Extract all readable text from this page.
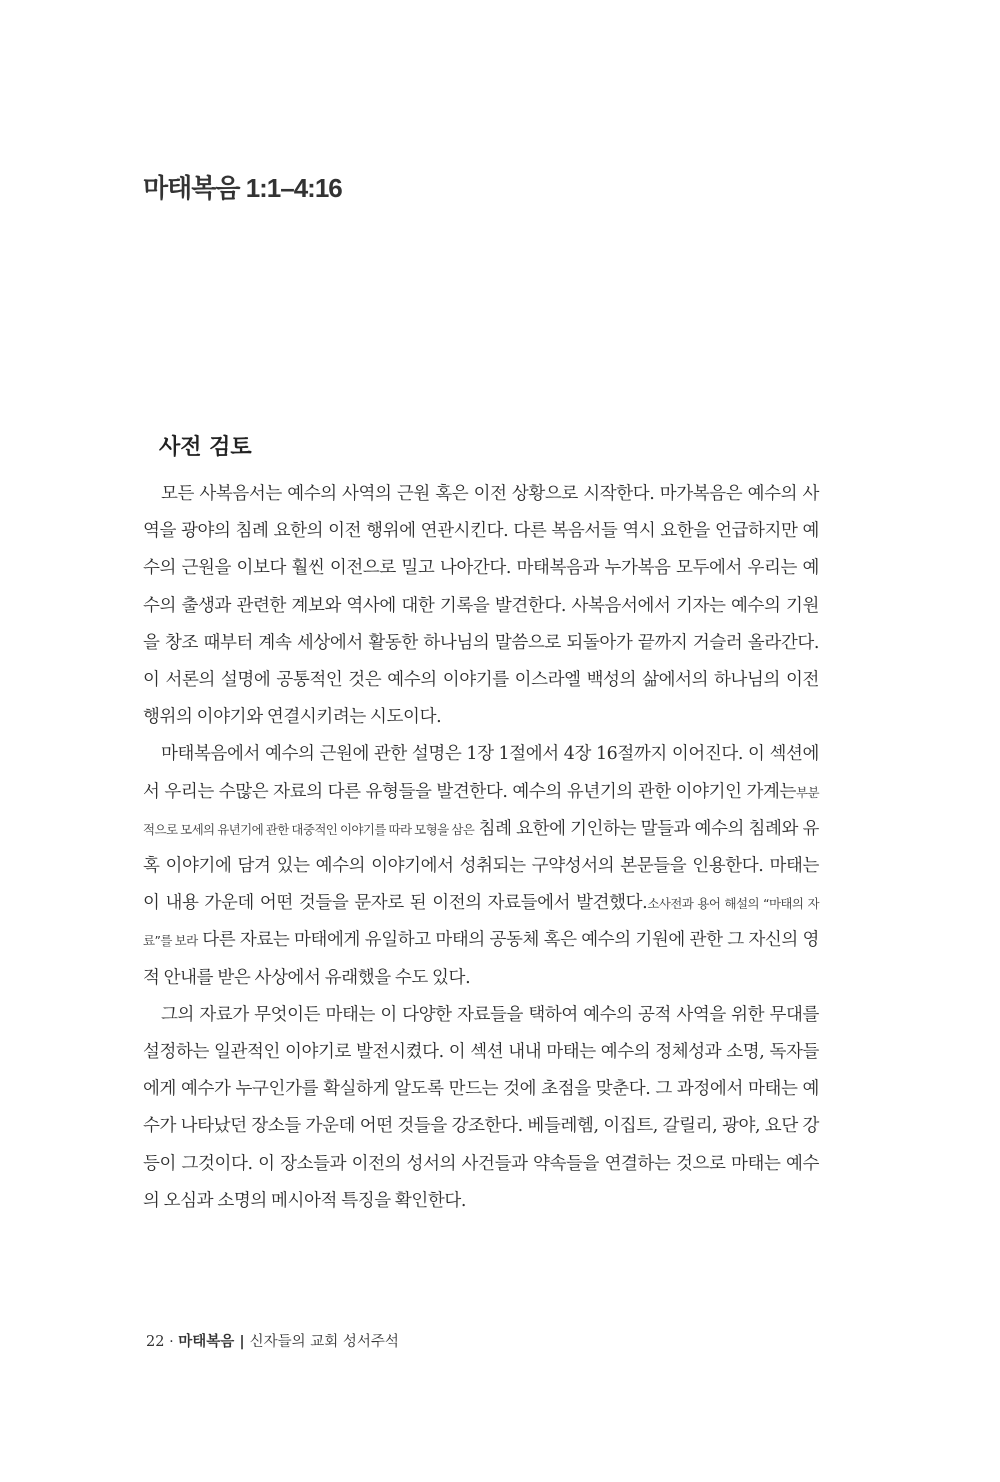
마태복음 1:1–4:16
사전 검토

모든 사복음서는 예수의 사역의 근원 혹은 이전 상황으로 시작한다. 마가복음은 예수의 사역을 광야의 침례 요한의 이전 행위에 연관시킨다. 다른 복음서들 역시 요한을 언급하지만 예수의 근원을 이보다 훨씬 이전으로 밀고 나아간다. 마태복음과 누가복음 모두에서 우리는 예수의 출생과 관련한 계보와 역사에 대한 기록을 발견한다. 사복음서에서 기자는 예수의 기원을 창조 때부터 계속 세상에서 활동한 하나님의 말씀으로 되돌아가 끝까지 거슬러 올라간다. 이 서론의 설명에 공통적인 것은 예수의 이야기를 이스라엘 백성의 삶에서의 하나님의 이전 행위의 이야기와 연결시키려는 시도이다.

마태복음에서 예수의 근원에 관한 설명은 1장 1절에서 4장 16절까지 이어진다. 이 섹션에서 우리는 수많은 자료의 다른 유형들을 발견한다. 예수의 유년기의 관한 이야기인 가계는부분적으로 모세의 유년기에 관한 대중적인 이야기를 따라 모형을 삼은 침례 요한에 기인하는 말들과 예수의 침례와 유혹 이야기에 담겨 있는 예수의 이야기에서 성취되는 구약성서의 본문들을 인용한다. 마태는 이 내용 가운데 어떤 것들을 문자로 된 이전의 자료들에서 발견했다.소사전과 용어 해설의 “마태의 자료”를 보라 다른 자료는 마태에게 유일하고 마태의 공동체 혹은 예수의 기원에 관한 그 자신의 영적 안내를 받은 사상에서 유래했을 수도 있다.

그의 자료가 무엇이든 마태는 이 다양한 자료들을 택하여 예수의 공적 사역을 위한 무대를 설정하는 일관적인 이야기로 발전시켰다. 이 섹션 내내 마태는 예수의 정체성과 소명, 독자들에게 예수가 누구인가를 확실하게 알도록 만드는 것에 초점을 맞춘다. 그 과정에서 마태는 예수가 나타났던 장소들 가운데 어떤 것들을 강조한다. 베들레헴, 이집트, 갈릴리, 광야, 요단 강 등이 그것이다. 이 장소들과 이전의 성서의 사건들과 약속들을 연결하는 것으로 마태는 예수의 오심과 소명의 메시아적 특징을 확인한다.

22 · 마태복음 | 신자들의 교회 성서주석
